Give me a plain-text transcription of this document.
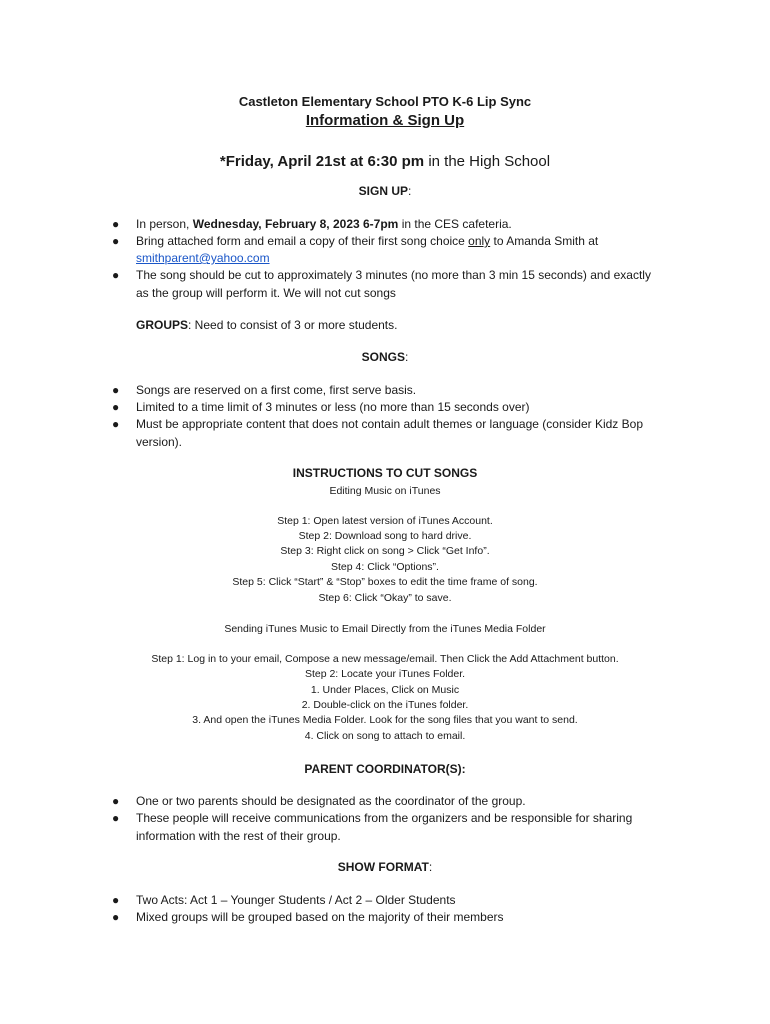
Castleton Elementary School PTO K-6 Lip Sync
Information & Sign Up
*Friday, April 21st at 6:30 pm in the High School
SIGN UP:
● In person, Wednesday, February 8, 2023 6-7pm in the CES cafeteria.
● Bring attached form and email a copy of their first song choice only to Amanda Smith at
smithparent@yahoo.com
● The song should be cut to approximately 3 minutes (no more than 3 min 15 seconds) and exactly
as the group will perform it. We will not cut songs
GROUPS: Need to consist of 3 or more students.
SONGS:
● Songs are reserved on a first come, first serve basis.
● Limited to a time limit of 3 minutes or less (no more than 15 seconds over)
● Must be appropriate content that does not contain adult themes or language (consider Kidz Bop
version).
INSTRUCTIONS TO CUT SONGS
Editing Music on iTunes
Step 1: Open latest version of iTunes Account.
Step 2: Download song to hard drive.
Step 3: Right click on song > Click “Get Info”.
Step 4: Click “Options”.
Step 5: Click “Start” & “Stop” boxes to edit the time frame of song.
Step 6: Click “Okay” to save.
Sending iTunes Music to Email Directly from the iTunes Media Folder
Step 1: Log in to your email, Compose a new message/email. Then Click the Add Attachment button.
Step 2: Locate your iTunes Folder.
1. Under Places, Click on Music
2. Double-click on the iTunes folder.
3. And open the iTunes Media Folder. Look for the song files that you want to send.
4. Click on song to attach to email.
PARENT COORDINATOR(S):
● One or two parents should be designated as the coordinator of the group.
● These people will receive communications from the organizers and be responsible for sharing
information with the rest of their group.
SHOW FORMAT:
● Two Acts: Act 1 – Younger Students / Act 2 – Older Students
● Mixed groups will be grouped based on the majority of their members
